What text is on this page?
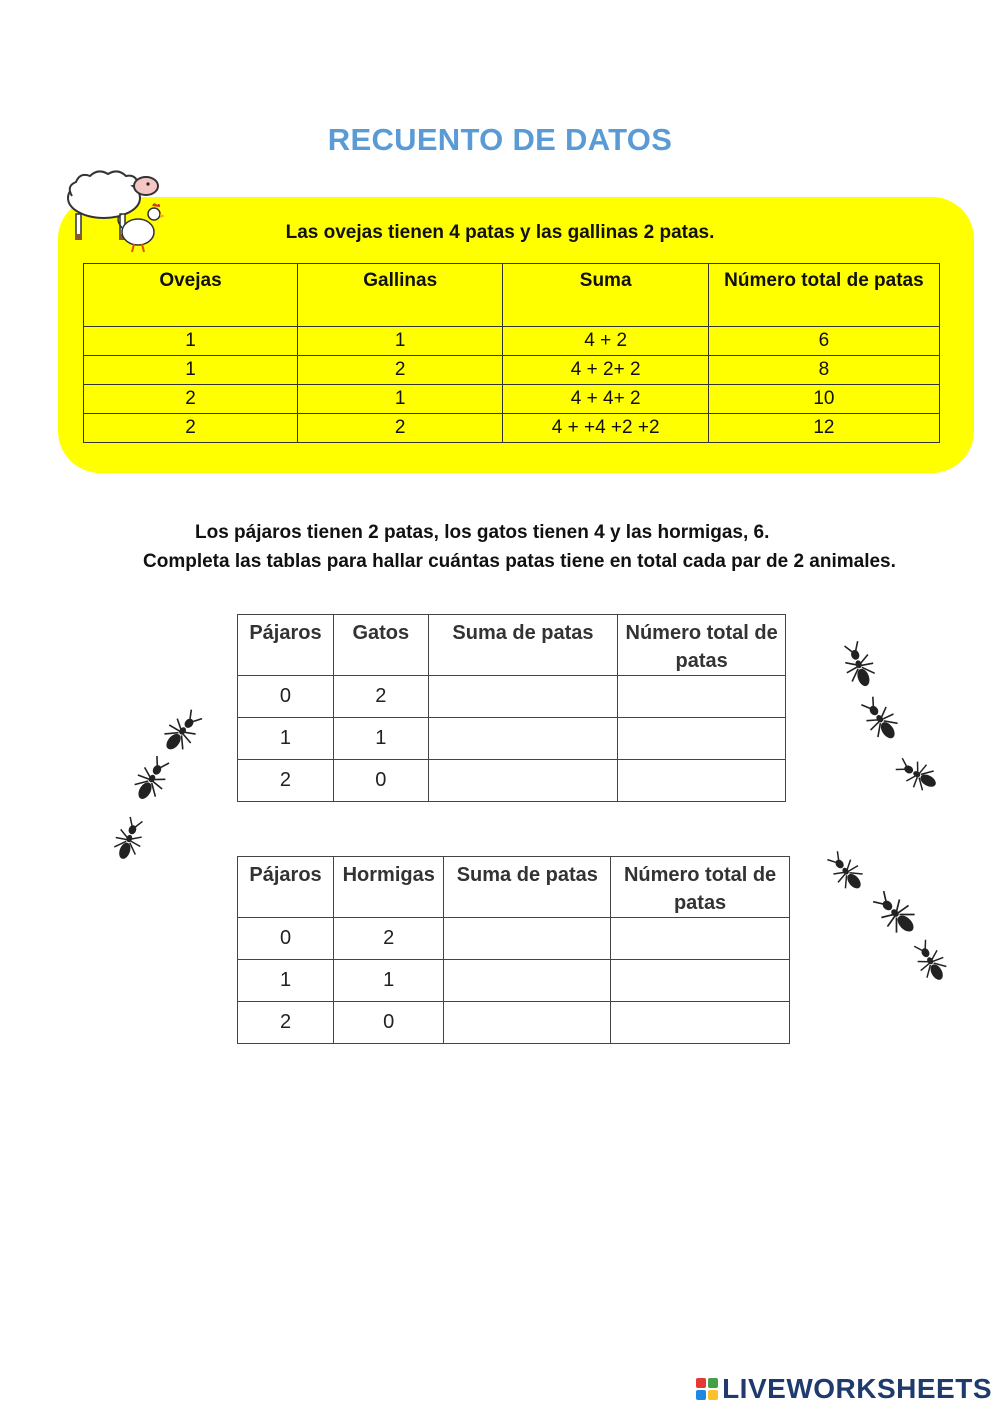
RECUENTO DE DATOS
Las ovejas tienen 4 patas y las gallinas 2 patas.
Ovejas	Gallinas	Suma	Número total de patas
1	1	4 + 2	6
1	2	4 + 2+ 2	8
2	1	4 + 4+ 2	10
2	2	4 + +4 +2 +2	12
Los pájaros tienen 2 patas, los gatos tienen 4 y las hormigas, 6.
Completa las tablas para hallar cuántas patas tiene en total cada par de 2 animales.
Pájaros	Gatos	Suma de patas	Número total de patas
0	2		
1	1		
2	0		
Pájaros	Hormigas	Suma de patas	Número total de patas
0	2		
1	1		
2	0		
LIVEWORKSHEETS
